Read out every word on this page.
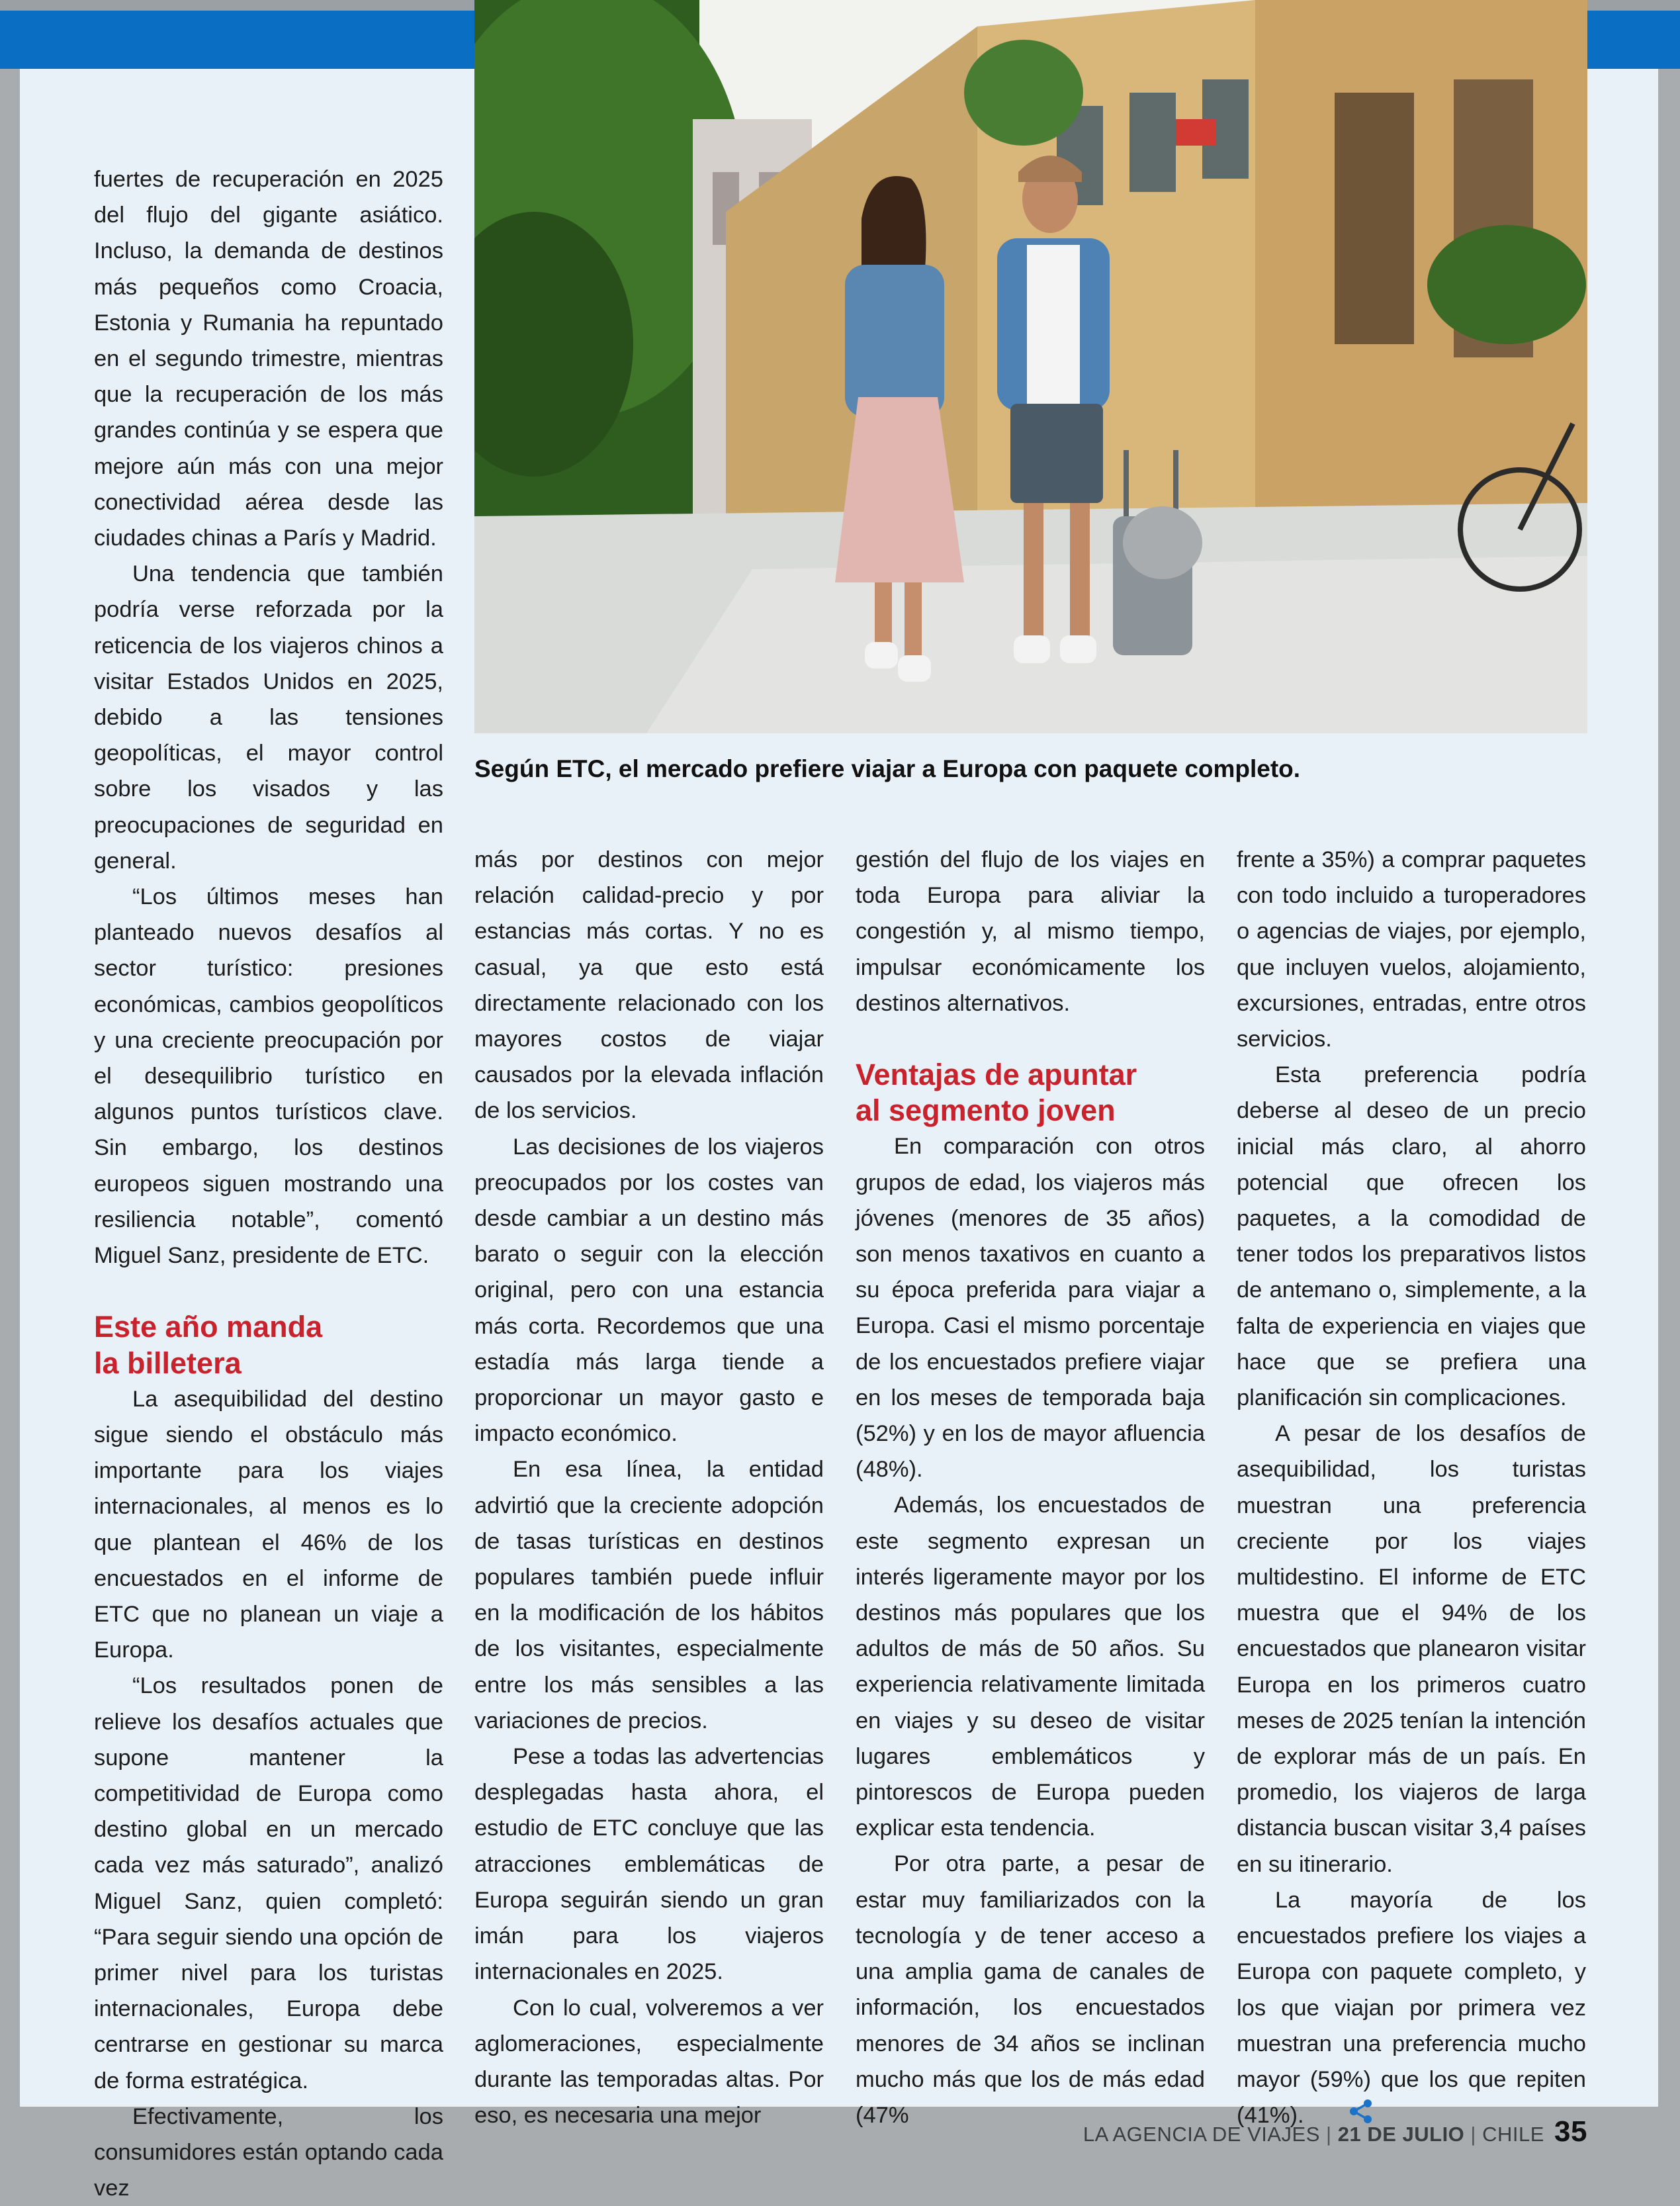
Según ETC, el mercado prefiere viajar a Europa con paquete completo.

fuertes de recuperación en 2025 del flujo del gigante asiático. Incluso, la demanda de destinos más pequeños como Croacia, Estonia y Rumania ha repuntado en el segundo trimestre, mientras que la recuperación de los más grandes continúa y se espera que mejore aún más con una mejor conectividad aérea desde las ciudades chinas a París y Madrid.

Una tendencia que también podría verse reforzada por la reticencia de los viajeros chinos a visitar Estados Unidos en 2025, debido a las tensiones geopolíticas, el mayor control sobre los visados y las preocupaciones de seguridad en general.

“Los últimos meses han planteado nuevos desafíos al sector turístico: presiones económicas, cambios geopolíticos y una creciente preocupación por el desequilibrio turístico en algunos puntos turísticos clave. Sin embargo, los destinos europeos siguen mostrando una resiliencia notable”, comentó Miguel Sanz, presidente de ETC.

Este año manda
la billetera

La asequibilidad del destino sigue siendo el obstáculo más importante para los viajes internacionales, al menos es lo que plantean el 46% de los encuestados en el informe de ETC que no planean un viaje a Europa.

“Los resultados ponen de relieve los desafíos actuales que supone mantener la competitividad de Europa como destino global en un mercado cada vez más saturado”, analizó Miguel Sanz, quien completó: “Para seguir siendo una opción de primer nivel para los turistas internacionales, Europa debe centrarse en gestionar su marca de forma estratégica.

Efectivamente, los consumidores están optando cada vez

más por destinos con mejor relación calidad-precio y por estancias más cortas. Y no es casual, ya que esto está directamente relacionado con los mayores costos de viajar causados por la elevada inflación de los servicios.

Las decisiones de los viajeros preocupados por los costes van desde cambiar a un destino más barato o seguir con la elección original, pero con una estancia más corta. Recordemos que una estadía más larga tiende a proporcionar un mayor gasto e impacto económico.

En esa línea, la entidad advirtió que la creciente adopción de tasas turísticas en destinos populares también puede influir en la modificación de los hábitos de los visitantes, especialmente entre los más sensibles a las variaciones de precios.

Pese a todas las advertencias desplegadas hasta ahora, el estudio de ETC concluye que las atracciones emblemáticas de Europa seguirán siendo un gran imán para los viajeros internacionales en 2025.

Con lo cual, volveremos a ver aglomeraciones, especialmente durante las temporadas altas. Por eso, es necesaria una mejor

gestión del flujo de los viajes en toda Europa para aliviar la congestión y, al mismo tiempo, impulsar económicamente los destinos alternativos.

Ventajas de apuntar
al segmento joven

En comparación con otros grupos de edad, los viajeros más jóvenes (menores de 35 años) son menos taxativos en cuanto a su época preferida para viajar a Europa. Casi el mismo porcentaje de los encuestados prefiere viajar en los meses de temporada baja (52%) y en los de mayor afluencia (48%).

Además, los encuestados de este segmento expresan un interés ligeramente mayor por los destinos más populares que los adultos de más de 50 años. Su experiencia relativamente limitada en viajes y su deseo de visitar lugares emblemáticos y pintorescos de Europa pueden explicar esta tendencia.

Por otra parte, a pesar de estar muy familiarizados con la tecnología y de tener acceso a una amplia gama de canales de información, los encuestados menores de 34 años se inclinan mucho más que los de más edad (47%

frente a 35%) a comprar paquetes con todo incluido a turoperadores o agencias de viajes, por ejemplo, que incluyen vuelos, alojamiento, excursiones, entradas, entre otros servicios.

Esta preferencia podría deberse al deseo de un precio inicial más claro, al ahorro potencial que ofrecen los paquetes, a la comodidad de tener todos los preparativos listos de antemano o, simplemente, a la falta de experiencia en viajes que hace que se prefiera una planificación sin complicaciones.

A pesar de los desafíos de asequibilidad, los turistas muestran una preferencia creciente por los viajes multidestino. El informe de ETC muestra que el 94% de los encuestados que planearon visitar Europa en los primeros cuatro meses de 2025 tenían la intención de explorar más de un país. En promedio, los viajeros de larga distancia buscan visitar 3,4 países en su itinerario.

La mayoría de los encuestados prefiere los viajes a Europa con paquete completo, y los que viajan por primera vez muestran una preferencia mucho mayor (59%) que los que repiten (41%).

LA AGENCIA DE VIAJES | 21 DE JULIO | CHILE 35
